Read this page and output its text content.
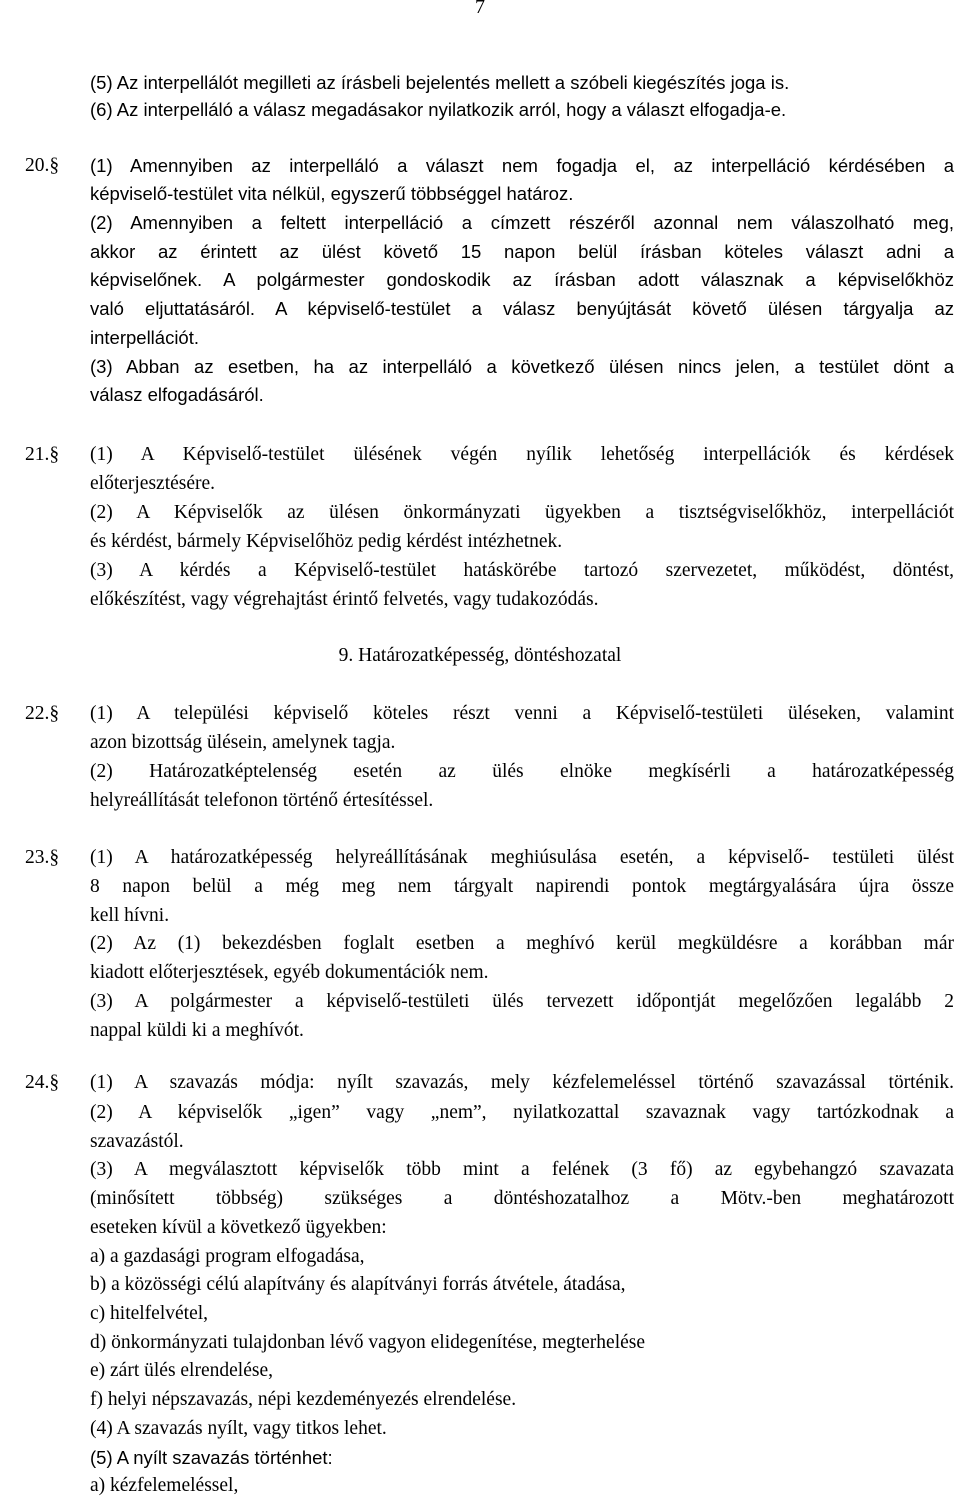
7
20.§
21.§
22.§
23.§
24.§
9. Határozatképesség, döntéshozatal
(5) Az interpellálót megilleti az írásbeli bejelentés mellett a szóbeli kiegészítés joga is.
(6) Az interpelláló a válasz megadásakor nyilatkozik arról, hogy a választ elfogadja-e.
(1) Amennyiben az interpelláló a választ nem fogadja el, az interpelláció kérdésében a
képviselő-testület vita nélkül, egyszerű többséggel határoz.
(2) Amennyiben a feltett interpelláció a címzett részéről azonnal nem válaszolható meg,
akkor az érintett az ülést követő 15 napon belül írásban köteles választ adni a
képviselőnek. A polgármester gondoskodik az írásban adott válasznak a képviselőkhöz
való eljuttatásáról. A képviselő-testület a válasz benyújtását követő ülésen tárgyalja az
interpellációt.
(3) Abban az esetben, ha az interpelláló a következő ülésen nincs jelen, a testület dönt a
válasz elfogadásáról.
(1) A Képviselő-testület ülésének végén nyílik lehetőség interpellációk és kérdések
előterjesztésére.
(2) A Képviselők az ülésen önkormányzati ügyekben a tisztségviselőkhöz, interpellációt
és kérdést, bármely Képviselőhöz pedig kérdést intézhetnek.
(3) A kérdés a Képviselő-testület hatáskörébe tartozó szervezetet, működést, döntést,
előkészítést, vagy végrehajtást érintő felvetés, vagy tudakozódás.
(1) A települési képviselő köteles részt venni a Képviselő-testületi üléseken, valamint
azon bizottság ülésein, amelynek tagja.
(2) Határozatképtelenség esetén az ülés elnöke megkísérli a határozatképesség
helyreállítását telefonon történő értesítéssel.
(1) A határozatképesség helyreállításának meghiúsulása esetén, a képviselő- testületi ülést
8 napon belül a még meg nem tárgyalt napirendi pontok megtárgyalására újra össze
kell hívni.
(2) Az (1) bekezdésben foglalt esetben a meghívó kerül megküldésre a korábban már
kiadott előterjesztések, egyéb dokumentációk nem.
(3) A polgármester a képviselő-testületi ülés tervezett időpontját megelőzően legalább 2
nappal küldi ki a meghívót.
(1) A szavazás módja: nyílt szavazás, mely kézfelemeléssel történő szavazással történik.
(2) A képviselők „igen” vagy „nem”, nyilatkozattal szavaznak vagy tartózkodnak a
szavazástól.
(3) A megválasztott képviselők több mint a felének (3 fő) az egybehangzó szavazata
(minősített többség) szükséges a döntéshozatalhoz a Mötv.-ben meghatározott
eseteken kívül a következő ügyekben:
a) a gazdasági program elfogadása,
b) a közösségi célú alapítvány és alapítványi forrás átvétele, átadása,
c) hitelfelvétel,
d) önkormányzati tulajdonban lévő vagyon elidegenítése, megterhelése
e) zárt ülés elrendelése,
f) helyi népszavazás, népi kezdeményezés elrendelése.
(4) A szavazás nyílt, vagy titkos lehet.
(5) A nyílt szavazás történhet:
a) kézfelemeléssel,
